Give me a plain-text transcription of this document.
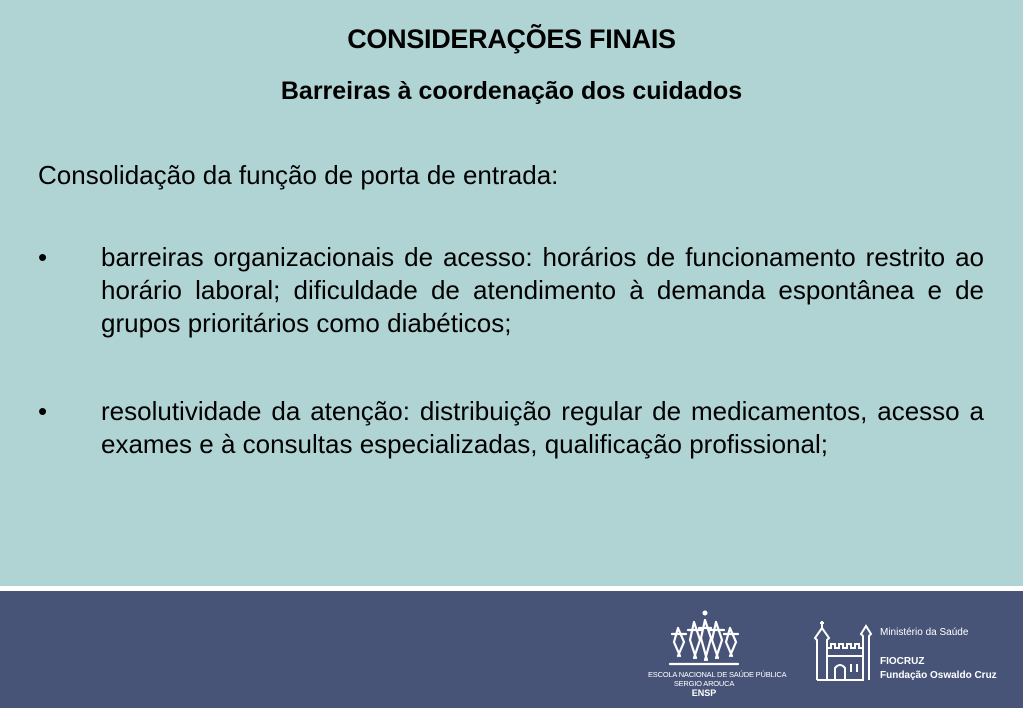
CONSIDERAÇÕES FINAIS
Barreiras à coordenação dos cuidados
Consolidação da função de porta de entrada:
•	barreiras organizacionais de acesso: horários de funcionamento restrito ao horário laboral; dificuldade de atendimento à demanda espontânea e de grupos prioritários como diabéticos;
•	resolutividade da atenção: distribuição regular de medicamentos, acesso a exames e à consultas especializadas, qualificação profissional;
ESCOLA NACIONAL DE SAÚDE PÚBLICA
SERGIO AROUCA
ENSP
Ministério da Saúde
FIOCRUZ
Fundação Oswaldo Cruz
